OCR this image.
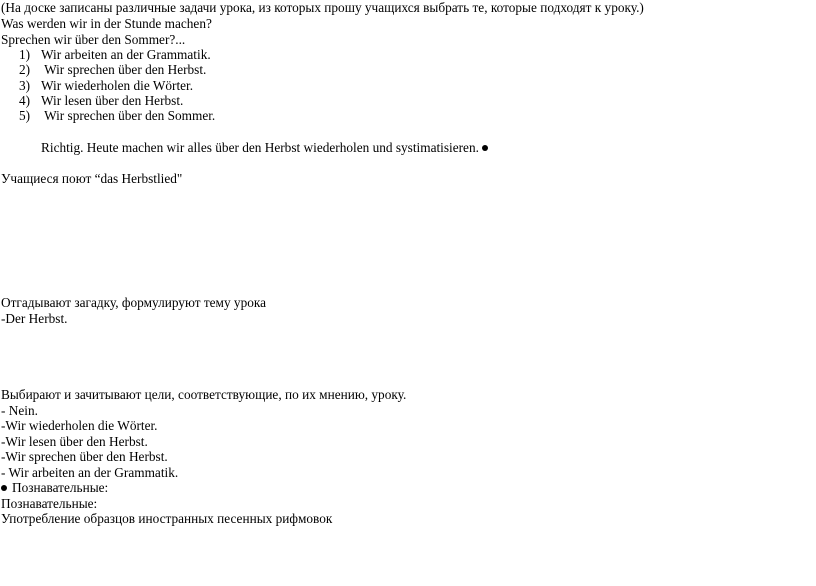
(На доске записаны различные задачи урока, из которых прошу учащихся выбрать те, которые подходят к уроку.)
Was werden wir in der Stunde machen?
Sprechen wir über den Sommer?...
1) Wir arbeiten an der Grammatik.
2) Wir sprechen über den Herbst.
3) Wir wiederholen die Wörter.
4) Wir lesen über den Herbst.
5) Wir sprechen über den Sommer.
Richtig. Heute machen wir alles über den Herbst wiederholen und systimatisieren.
Учащиеся поют “das Herbstlied"
Отгадывают загадку, формулируют тему урока
-Der Herbst.
Выбирают и зачитывают цели, соответствующие, по их мнению, уроку.
- Nein.
-Wir wiederholen die Wörter.
-Wir lesen über den Herbst.
-Wir sprechen über den Herbst.
- Wir arbeiten an der Grammatik.
Познавательные:
Познавательные:
Употребление образцов иностранных песенных рифмовок
